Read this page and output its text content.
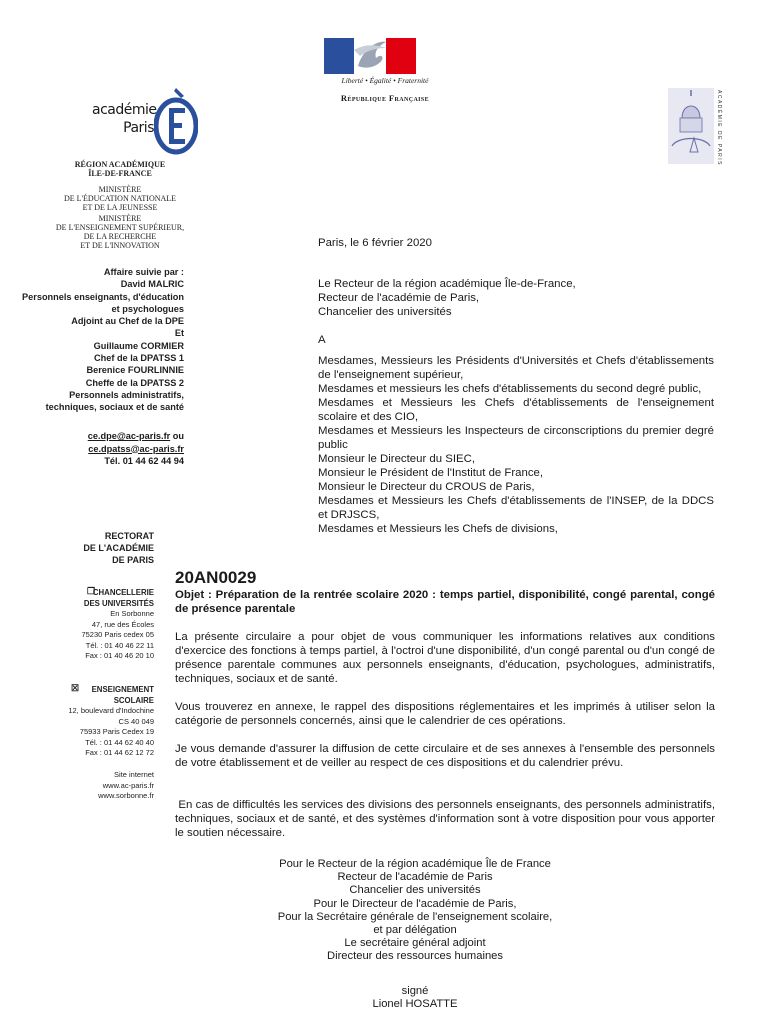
Liberté • Égalité • Fraternité
République Française
académie
Paris
RÉGION ACADÉMIQUE
ÎLE-DE-FRANCE
MINISTÈRE
DE L'ÉDUCATION NATIONALE
ET DE LA JEUNESSE
MINISTÈRE
DE L'ENSEIGNEMENT SUPÉRIEUR,
DE LA RECHERCHE
ET DE L'INNOVATION
ACADÉMIE DE PARIS
Affaire suivie par :
David MALRIC
Personnels enseignants, d'éducation
et psychologues
Adjoint au Chef de la DPE
Et
Guillaume CORMIER
Chef de la DPATSS 1
Berenice FOURLINNIE
Cheffe de la DPATSS 2
Personnels administratifs,
techniques, sociaux et de santé
ce.dpe@ac-paris.fr ou
ce.dpatss@ac-paris.fr
Tél. 01 44 62 44 94
RECTORAT
DE L'ACADÉMIE
DE PARIS
❐
CHANCELLERIE
DES UNIVERSITÉS
En Sorbonne
47, rue des Écoles
75230 Paris cedex 05
Tél. : 01 40 46 22 11
Fax : 01 40 46 20 10
☒	ENSEIGNEMENT
SCOLAIRE
12, boulevard d'Indochine
CS 40 049
75933 Paris Cedex 19
Tél. : 01 44 62 40 40
Fax : 01 44 62 12 72
Site internet
www.ac-paris.fr
www.sorbonne.fr
Paris, le 6 février 2020
Le Recteur de la région académique Île-de-France,
Recteur de l'académie de Paris,
Chancelier des universités
A
Mesdames, Messieurs les Présidents d'Universités et Chefs d'établissements de l'enseignement supérieur,
Mesdames et messieurs les chefs d'établissements du second degré public,
Mesdames et Messieurs les Chefs d'établissements de l'enseignement scolaire et des CIO,
Mesdames et Messieurs les Inspecteurs de circonscriptions du premier degré public
Monsieur le Directeur du SIEC,
Monsieur le Président de l'Institut de France,
Monsieur le Directeur du CROUS de Paris,
Mesdames et Messieurs les Chefs d'établissements de l'INSEP, de la DDCS et DRJSCS,
Mesdames et Messieurs les Chefs de divisions,
20AN0029
Objet : Préparation de la rentrée scolaire 2020 : temps partiel, disponibilité, congé parental, congé de présence parentale
La présente circulaire a pour objet de vous communiquer les informations relatives aux conditions d'exercice des fonctions à temps partiel, à l'octroi d'une disponibilité, d'un congé parental ou d'un congé de présence parentale communes aux personnels enseignants, d'éducation, psychologues, administratifs, techniques, sociaux et de santé.
Vous trouverez en annexe, le rappel des dispositions réglementaires et les imprimés à utiliser selon la catégorie de personnels concernés, ainsi que le calendrier de ces opérations.
Je vous demande d'assurer la diffusion de cette circulaire et de ses annexes à l'ensemble des personnels de votre établissement et de veiller au respect de ces dispositions et du calendrier prévu.
En cas de difficultés les services des divisions des personnels enseignants, des personnels administratifs, techniques, sociaux et de santé, et des systèmes d'information sont à votre disposition pour vous apporter le soutien nécessaire.
Pour le Recteur de la région académique Île de France
Recteur de l'académie de Paris
Chancelier des universités
Pour le Directeur de l'académie de Paris,
Pour la Secrétaire générale de l'enseignement scolaire,
et par délégation
Le secrétaire général adjoint
Directeur des ressources humaines
signé
Lionel HOSATTE
